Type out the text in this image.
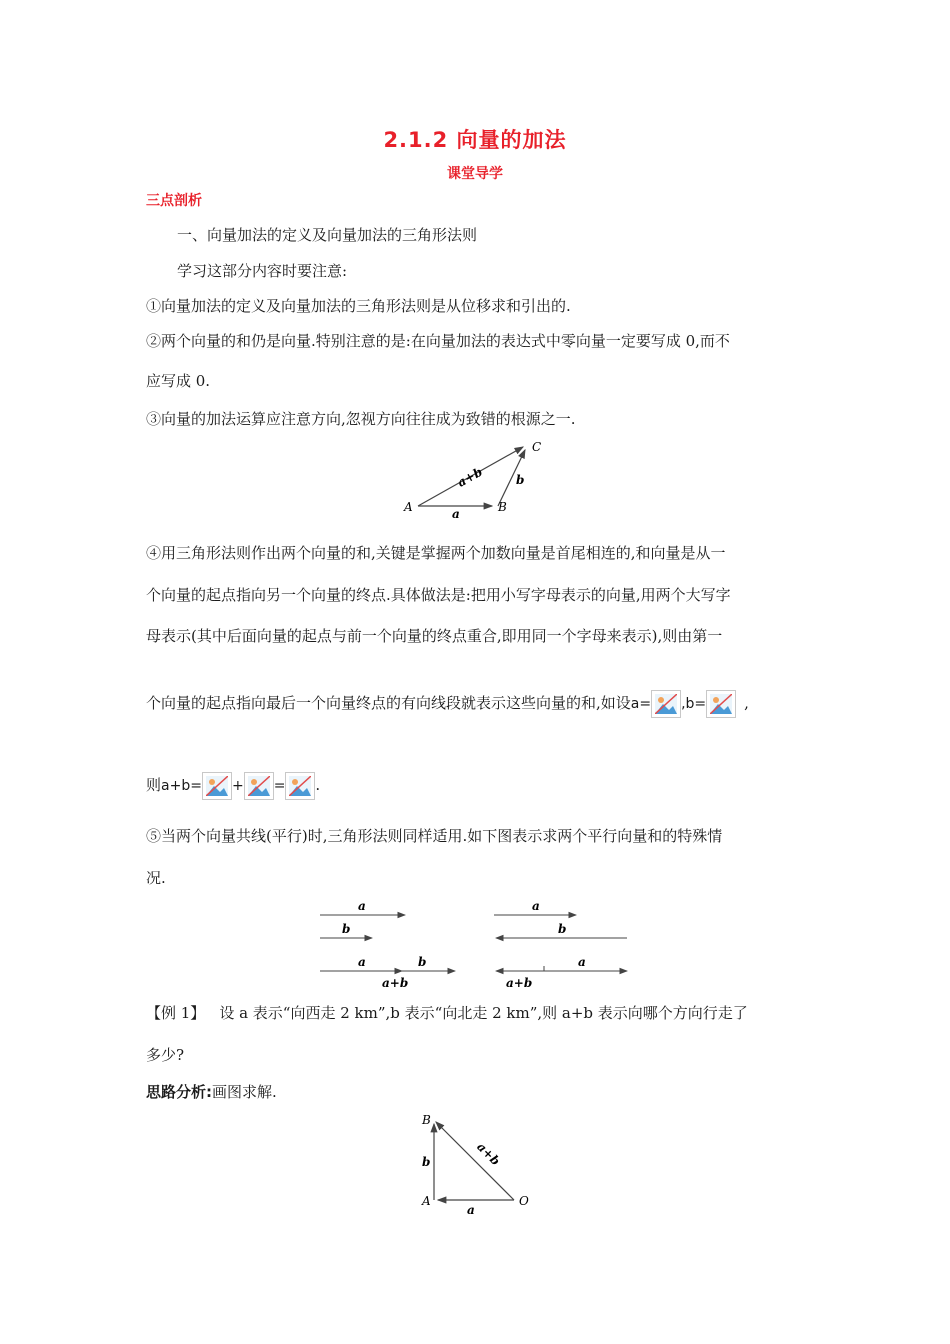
2.1.2 向量的加法
课堂导学
三点剖析
一、向量加法的定义及向量加法的三角形法则
学习这部分内容时要注意:
①向量加法的定义及向量加法的三角形法则是从位移求和引出的.
②两个向量的和仍是向量.特别注意的是:在向量加法的表达式中零向量一定要写成 0,而不
应写成 0.
③向量的加法运算应注意方向,忽视方向往往成为致错的根源之一.
A	B
C
a
b
a+b
④用三角形法则作出两个向量的和,关键是掌握两个加数向量是首尾相连的,和向量是从一
个向量的起点指向另一个向量的终点.具体做法是:把用小写字母表示的向量,用两个大写字
母表示(其中后面向量的起点与前一个向量的终点重合,即用同一个字母来表示),则由第一
个向量的起点指向最后一个向量终点的有向线段就表示这些向量的和,如设a= ,b=	,
则a+b= + = .
⑤当两个向量共线(平行)时,三角形法则同样适用.如下图表示求两个平行向量和的特殊情
况.
a
b
a	b
a+b
a
b
a
a+b
【例 1】 设 a 表示“向西走 2 km”,b 表示“向北走 2 km”,则 a+b 表示向哪个方向行走了
多少?
思路分析:画图求解.
B
A	O
a
b	a+b
